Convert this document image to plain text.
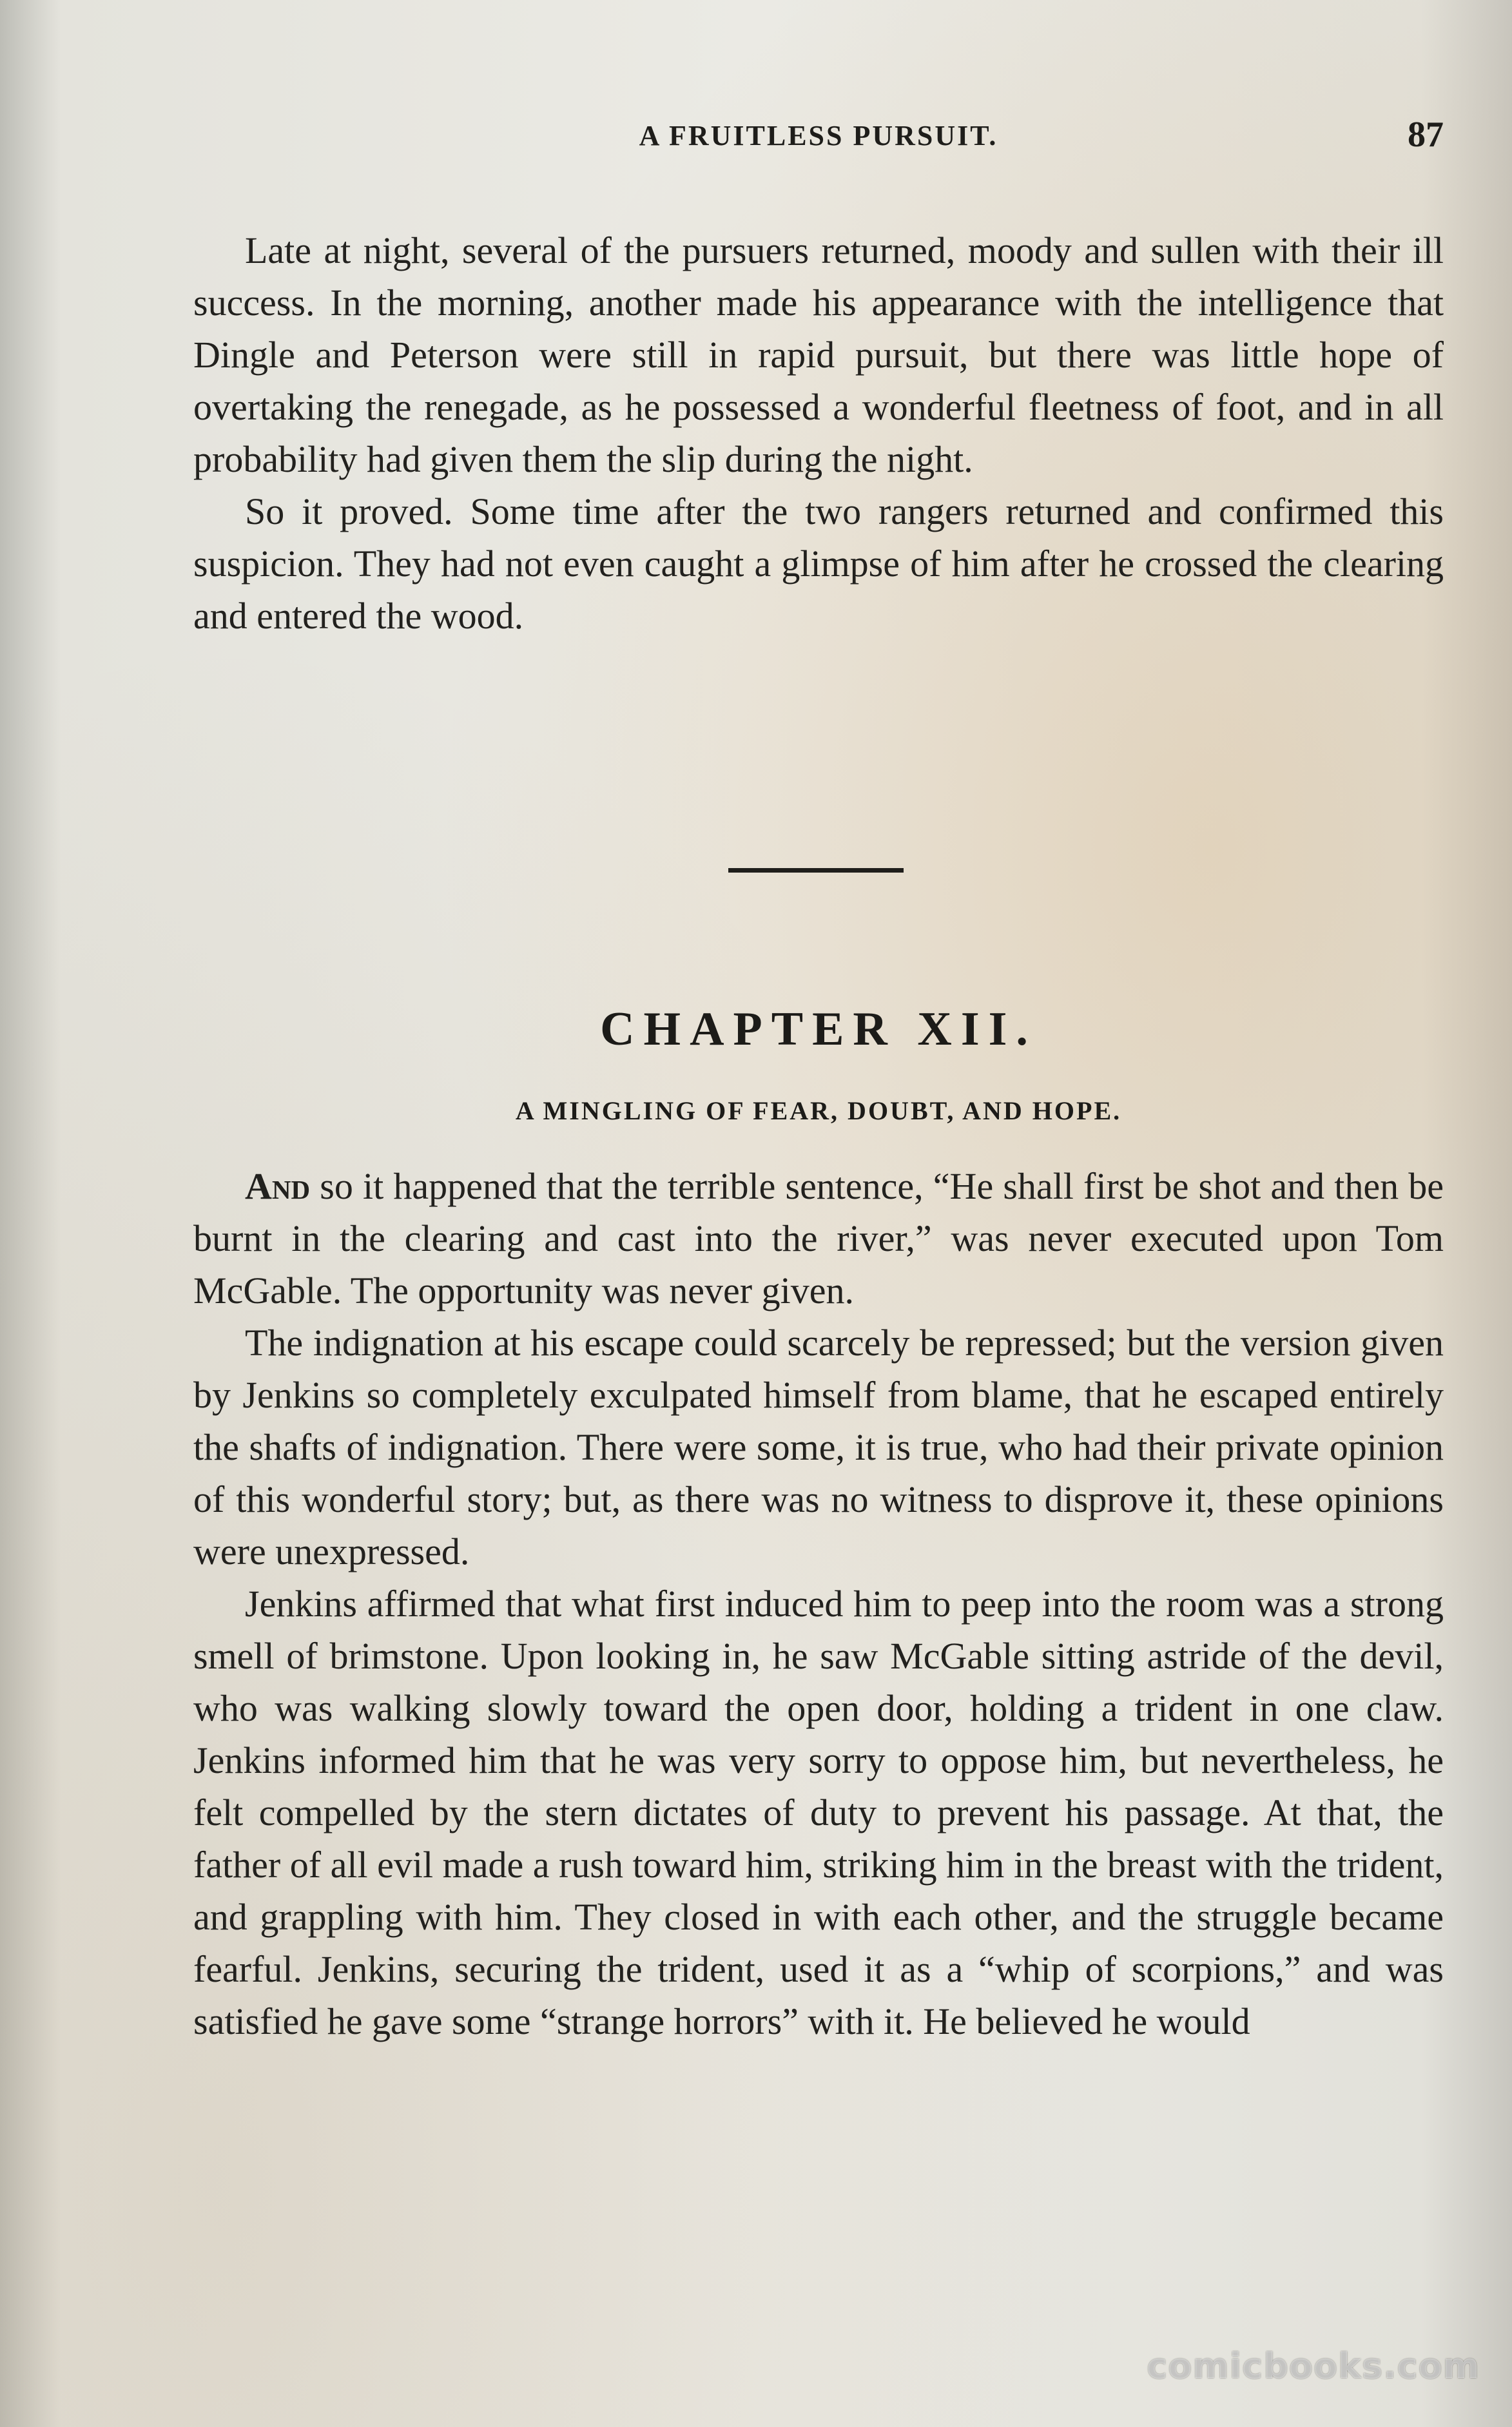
A FRUITLESS PURSUIT.	87

Late at night, several of the pursuers returned, moody and sullen with their ill success. In the morning, another made his appearance with the intelligence that Dingle and Peterson were still in rapid pursuit, but there was little hope of overtaking the renegade, as he possessed a wonderful fleetness of foot, and in all probability had given them the slip during the night.

So it proved. Some time after the two rangers returned and confirmed this suspicion. They had not even caught a glimpse of him after he crossed the clearing and entered the wood.

CHAPTER XII.
A MINGLING OF FEAR, DOUBT, AND HOPE.

And so it happened that the terrible sentence, “He shall first be shot and then be burnt in the clearing and cast into the river,” was never executed upon Tom McGable. The opportunity was never given.

The indignation at his escape could scarcely be repressed; but the version given by Jenkins so completely exculpated himself from blame, that he escaped entirely the shafts of indignation. There were some, it is true, who had their private opinion of this wonderful story; but, as there was no witness to disprove it, these opinions were unexpressed.

Jenkins affirmed that what first induced him to peep into the room was a strong smell of brimstone. Upon looking in, he saw McGable sitting astride of the devil, who was walking slowly toward the open door, holding a trident in one claw. Jenkins informed him that he was very sorry to oppose him, but nevertheless, he felt compelled by the stern dictates of duty to prevent his passage. At that, the father of all evil made a rush toward him, striking him in the breast with the trident, and grappling with him. They closed in with each other, and the struggle became fearful. Jenkins, securing the trident, used it as a “whip of scorpions,” and was satisfied he gave some “strange horrors” with it. He believed he would

comicbooks.com
